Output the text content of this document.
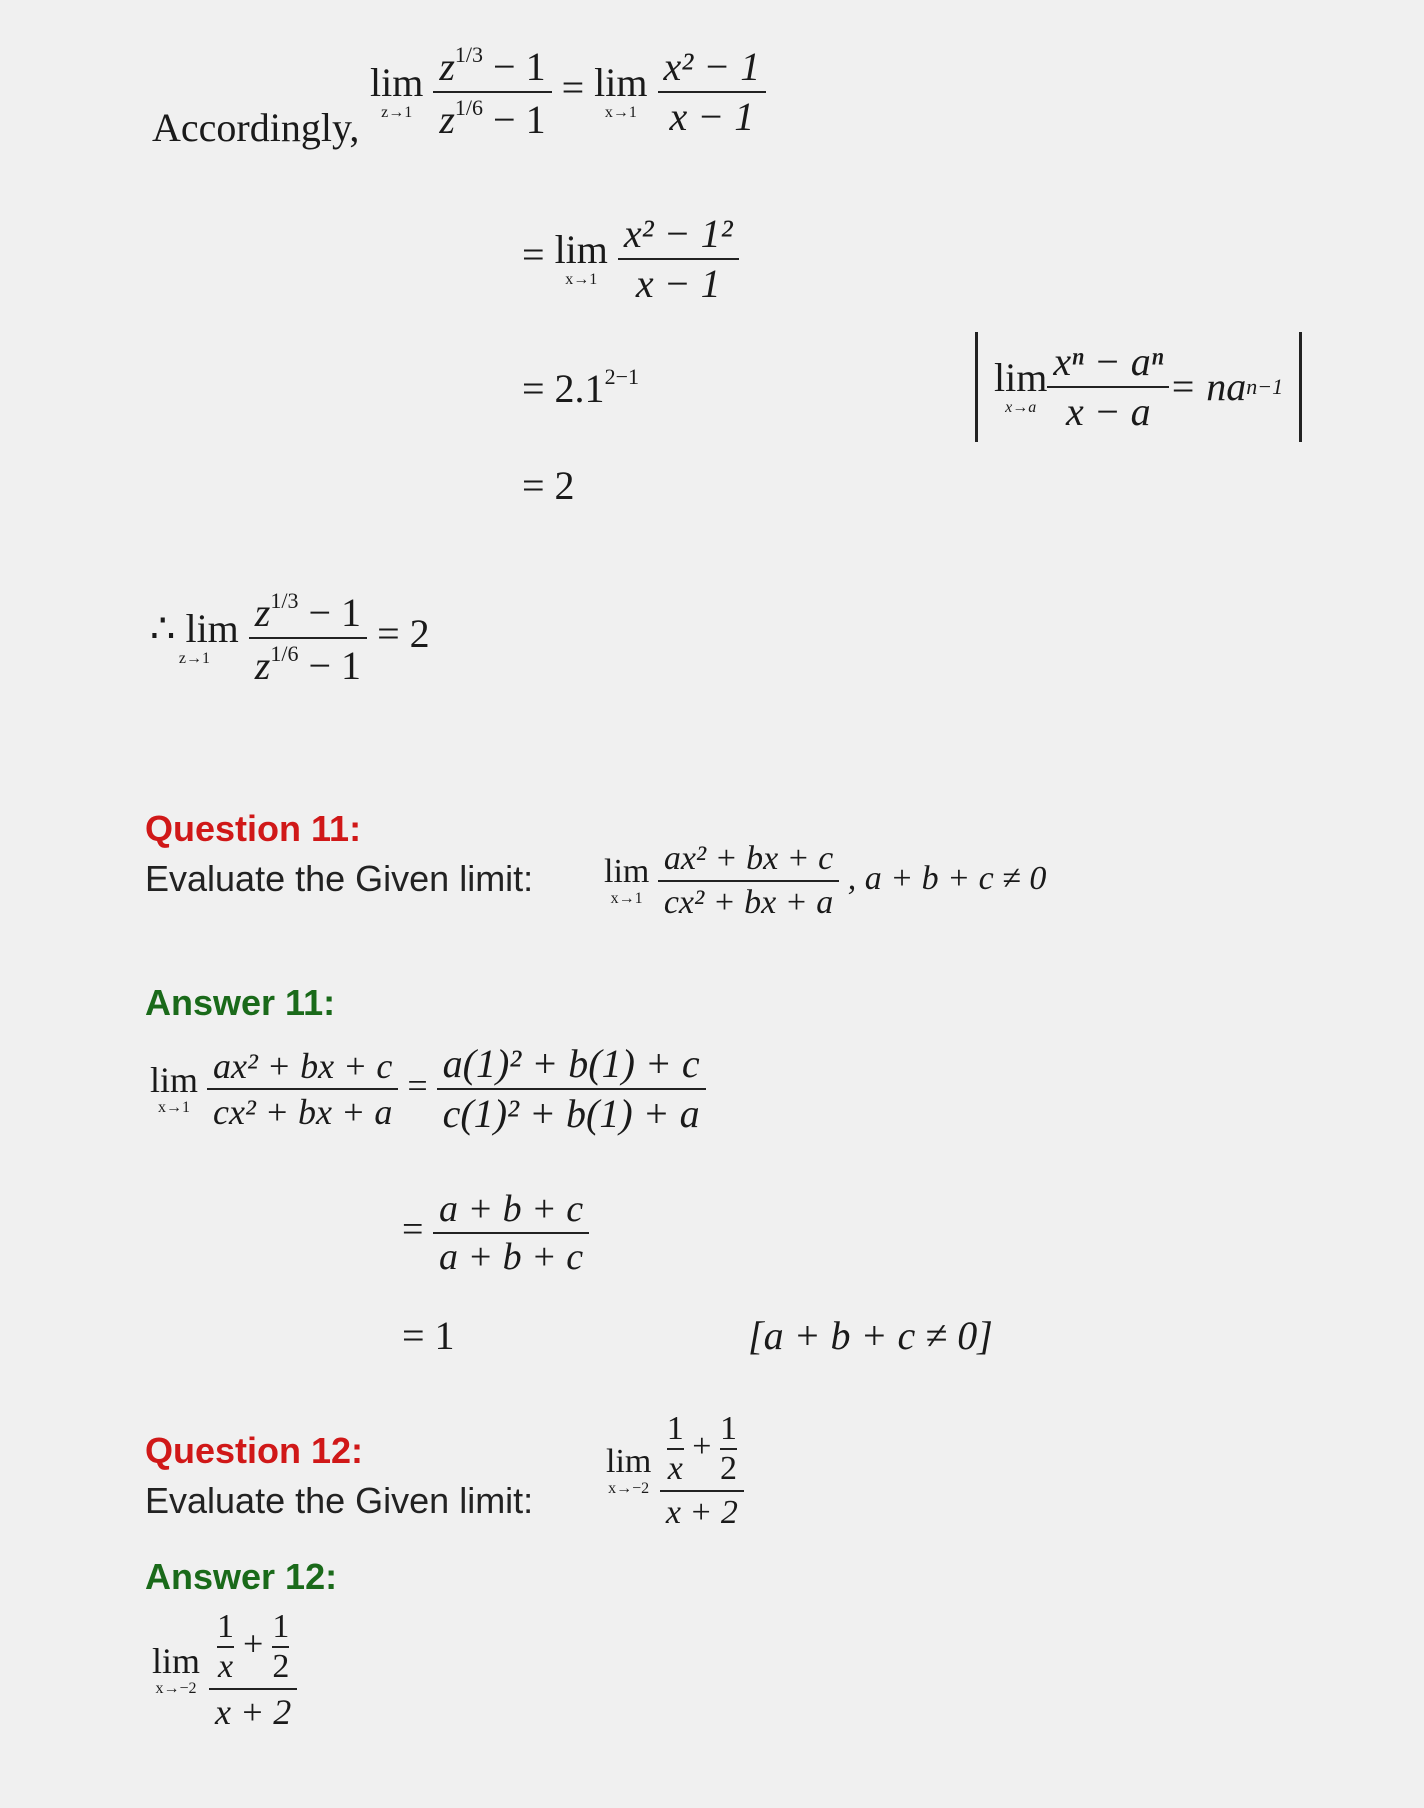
Accordingly,
lim
z→1
$\frac{z^{1/3} - 1}{z^{1/6} - 1} = \lim$
x→1
$\frac{\text{x² − 1}}{x - 1}$
= lim
x→1
$\frac{\text{x² − 1²}}{x - 1}$
= $2.1^{2-1}$
= 2
lim
$x\to a \frac{\text{xⁿ − aⁿ}}{x - a}$ = na n−1
∴ lim
z→1
$\frac{z^{1/3} - 1}{z^{1/6} - 1} = 2$
Question 11:
Evaluate the Given limit: lim
x→1
$\frac{\text{ax² + bx + c}}{\text{cx² + bx + a}}$ , a + b + c ≠ 0
Answer 11:
lim
x→1
$\frac{\text{ax² + bx + c}}{\text{cx² + bx + a}} = \frac{\text{a(1)² + b(1) + c}}{\text{c(1)² + b(1) + a}}$
= $\frac{a + b + c}{a + b + c}$
= 1	[a + b + c ≠ 0]
Question 12:
Evaluate the Given limit:
lim
x→−2
$\frac{\frac{1}{x} + \frac{1}{2}}{x + 2}$
Answer 12:
lim
x→−2
$\frac{\frac{1}{x} + \frac{1}{2}}{x + 2}$
